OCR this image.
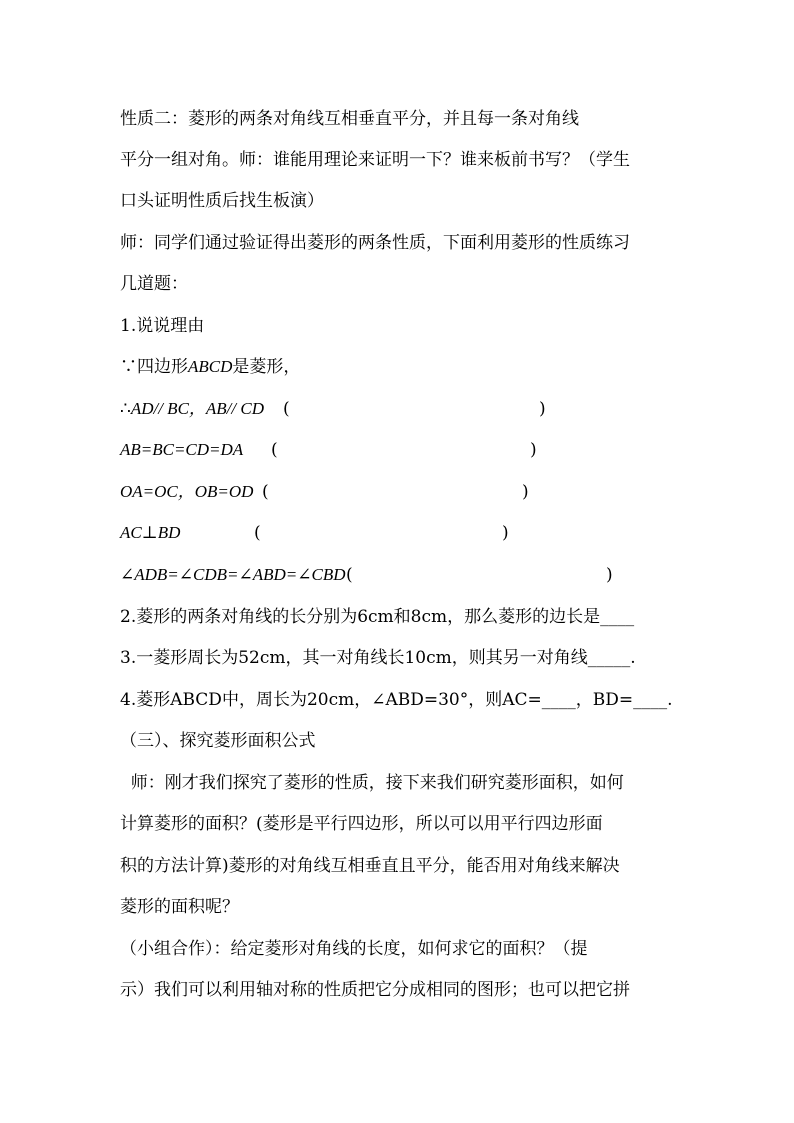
性质二：菱形的两条对角线互相垂直平分，并且每一条对角线
平分一组对角。师：谁能用理论来证明一下？谁来板前书写？（学生
口头证明性质后找生板演）
师：同学们通过验证得出菱形的两条性质，下面利用菱形的性质练习
几道题：
1.说说理由
∵四边形ABCD是菱形，
∴AD// BC，AB// CD (	)
AB=BC=CD=DA (	)
OA=OC，OB=OD (	)
AC⊥BD	(	)
∠ADB=∠CDB=∠ABD=∠CBD (	)
2.菱形的两条对角线的长分别为6cm和8cm，那么菱形的边长是____
3.一菱形周长为52cm，其一对角线长10cm，则其另一对角线_____.
4.菱形ABCD中，周长为20cm，∠ABD=30°，则AC=____，BD=____.
（三）、探究菱形面积公式
师：刚才我们探究了菱形的性质，接下来我们研究菱形面积，如何
计算菱形的面积？(菱形是平行四边形，所以可以用平行四边形面
积的方法计算)菱形的对角线互相垂直且平分，能否用对角线来解决
菱形的面积呢？
（小组合作）：给定菱形对角线的长度，如何求它的面积？（提
示）我们可以利用轴对称的性质把它分成相同的图形；也可以把它拼
